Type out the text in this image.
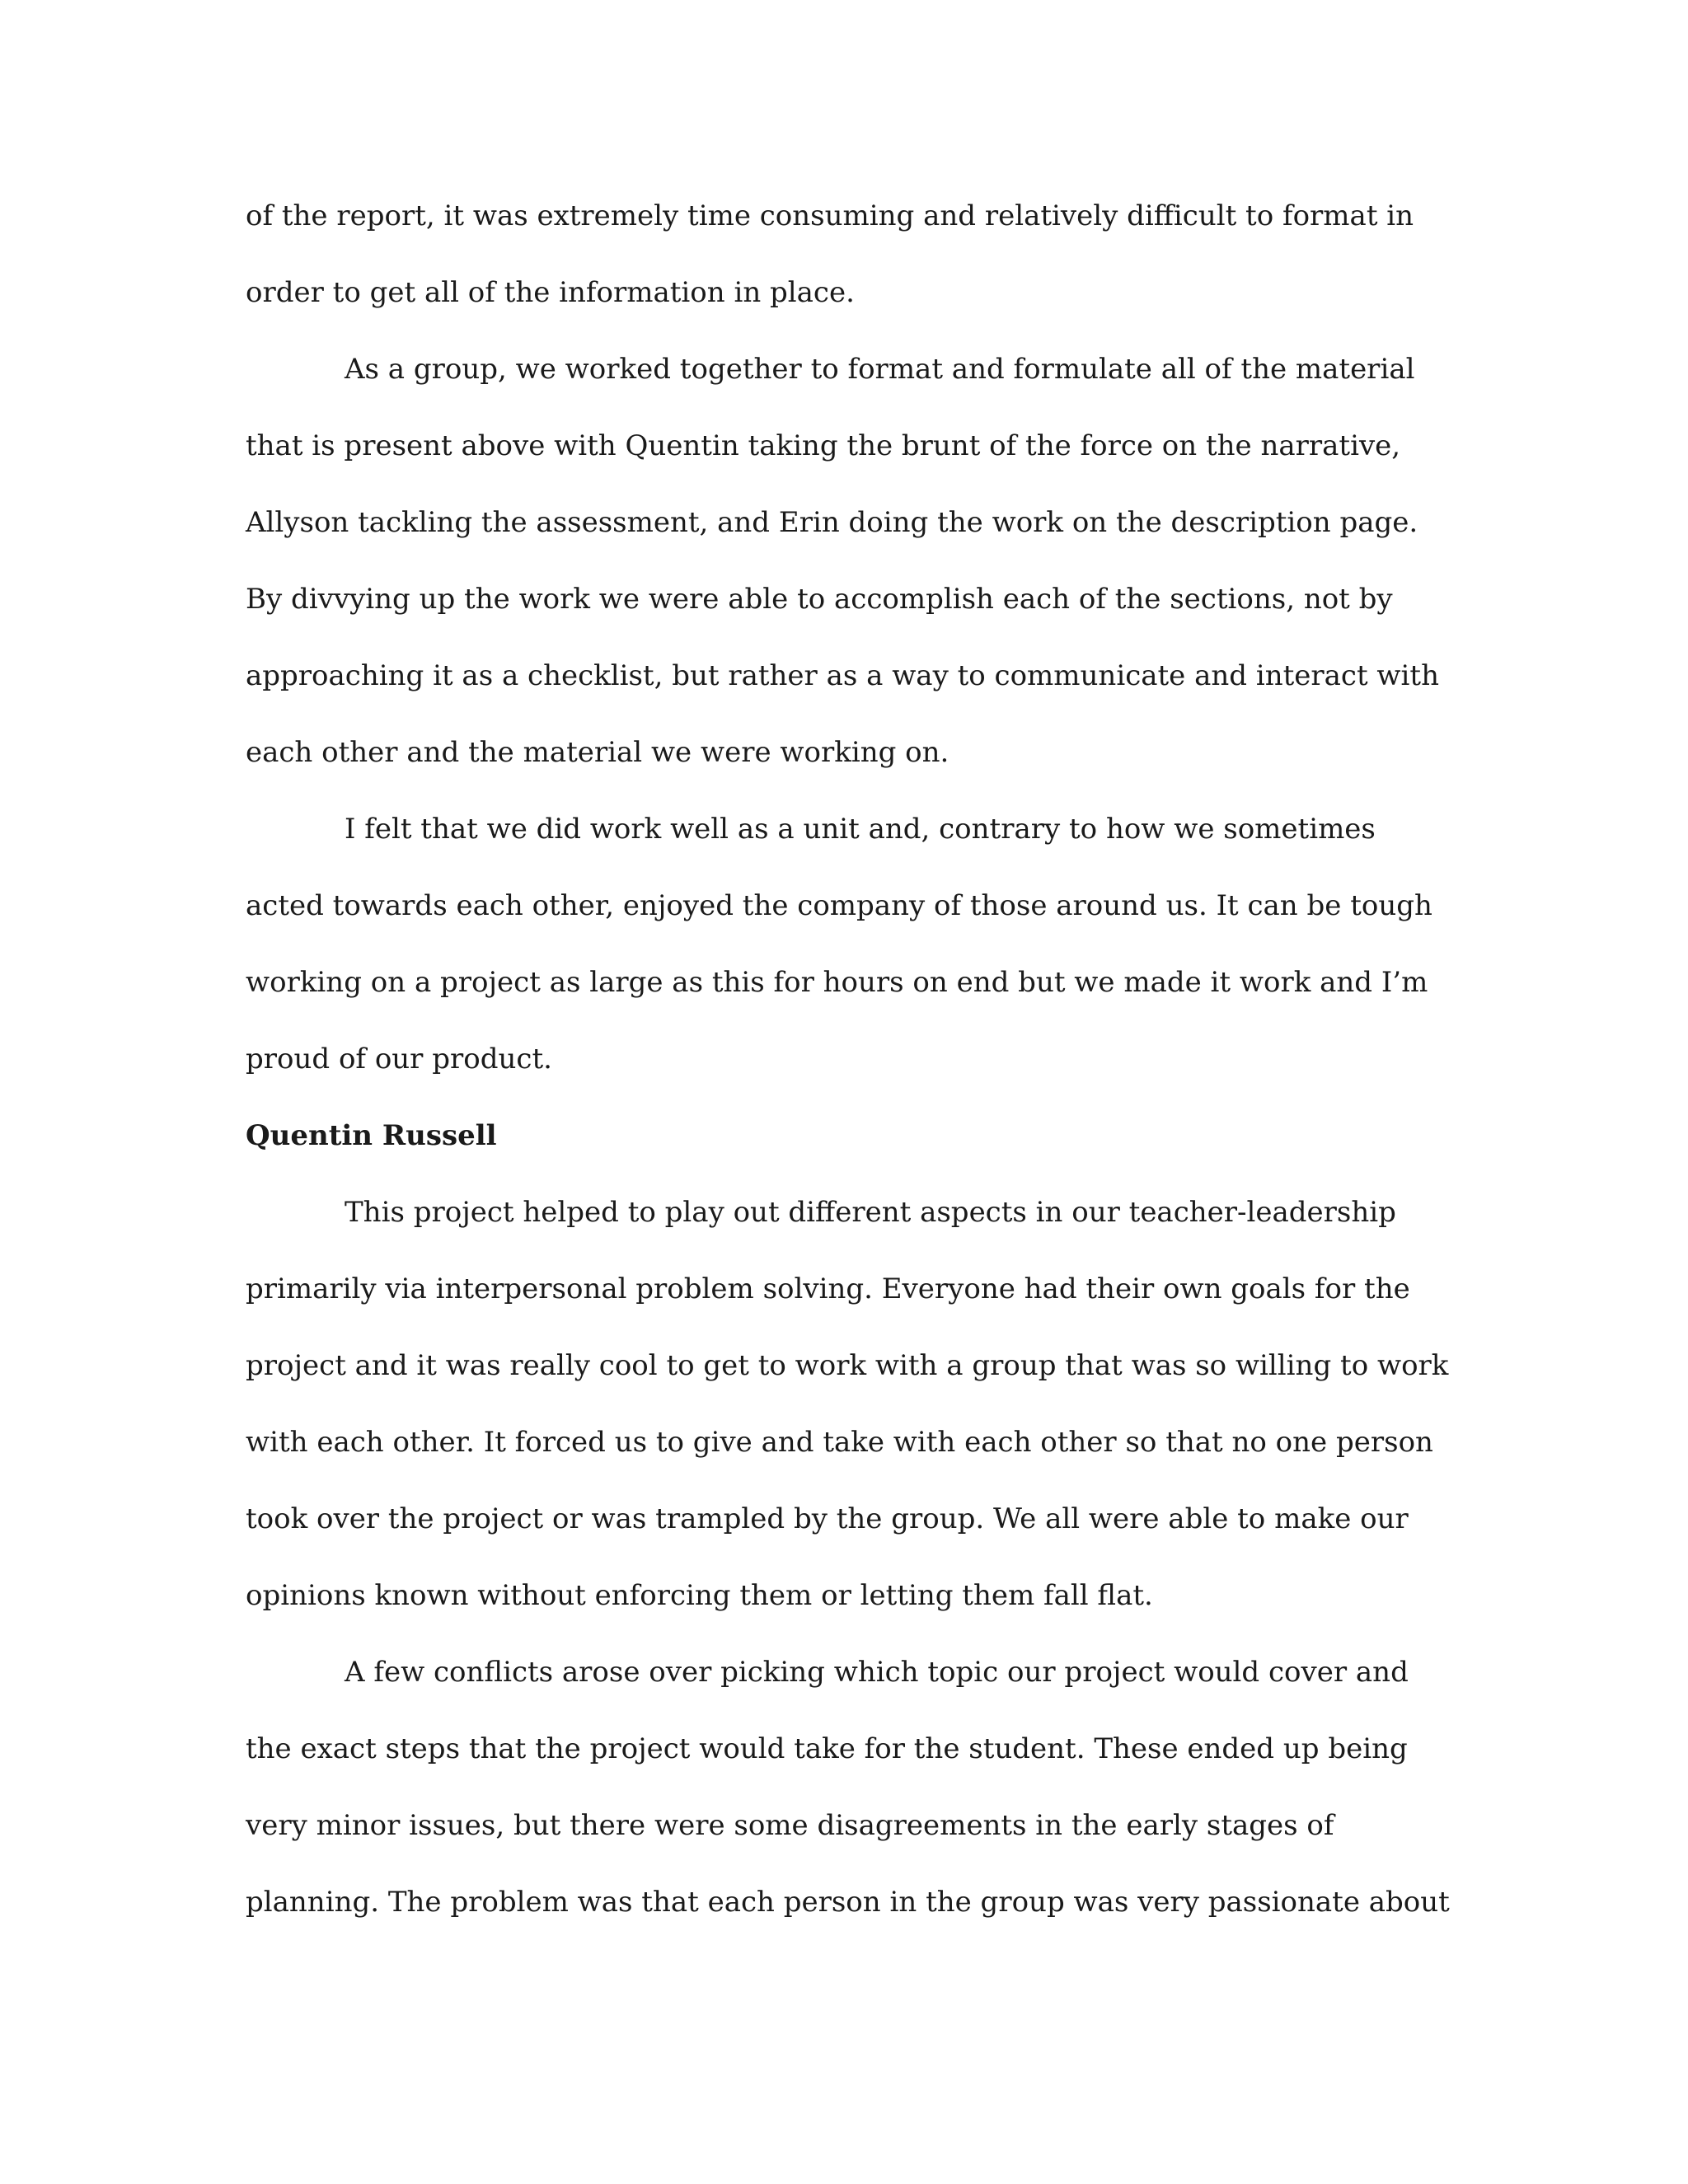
of the report, it was extremely time consuming and relatively difficult to format in
order to get all of the information in place.
As a group, we worked together to format and formulate all of the material
that is present above with Quentin taking the brunt of the force on the narrative,
Allyson tackling the assessment, and Erin doing the work on the description page.
By divvying up the work we were able to accomplish each of the sections, not by
approaching it as a checklist, but rather as a way to communicate and interact with
each other and the material we were working on.
I felt that we did work well as a unit and, contrary to how we sometimes
acted towards each other, enjoyed the company of those around us. It can be tough
working on a project as large as this for hours on end but we made it work and I’m
proud of our product.
Quentin Russell
This project helped to play out different aspects in our teacher-leadership
primarily via interpersonal problem solving. Everyone had their own goals for the
project and it was really cool to get to work with a group that was so willing to work
with each other. It forced us to give and take with each other so that no one person
took over the project or was trampled by the group. We all were able to make our
opinions known without enforcing them or letting them fall flat.
A few conflicts arose over picking which topic our project would cover and
the exact steps that the project would take for the student. These ended up being
very minor issues, but there were some disagreements in the early stages of
planning. The problem was that each person in the group was very passionate about
